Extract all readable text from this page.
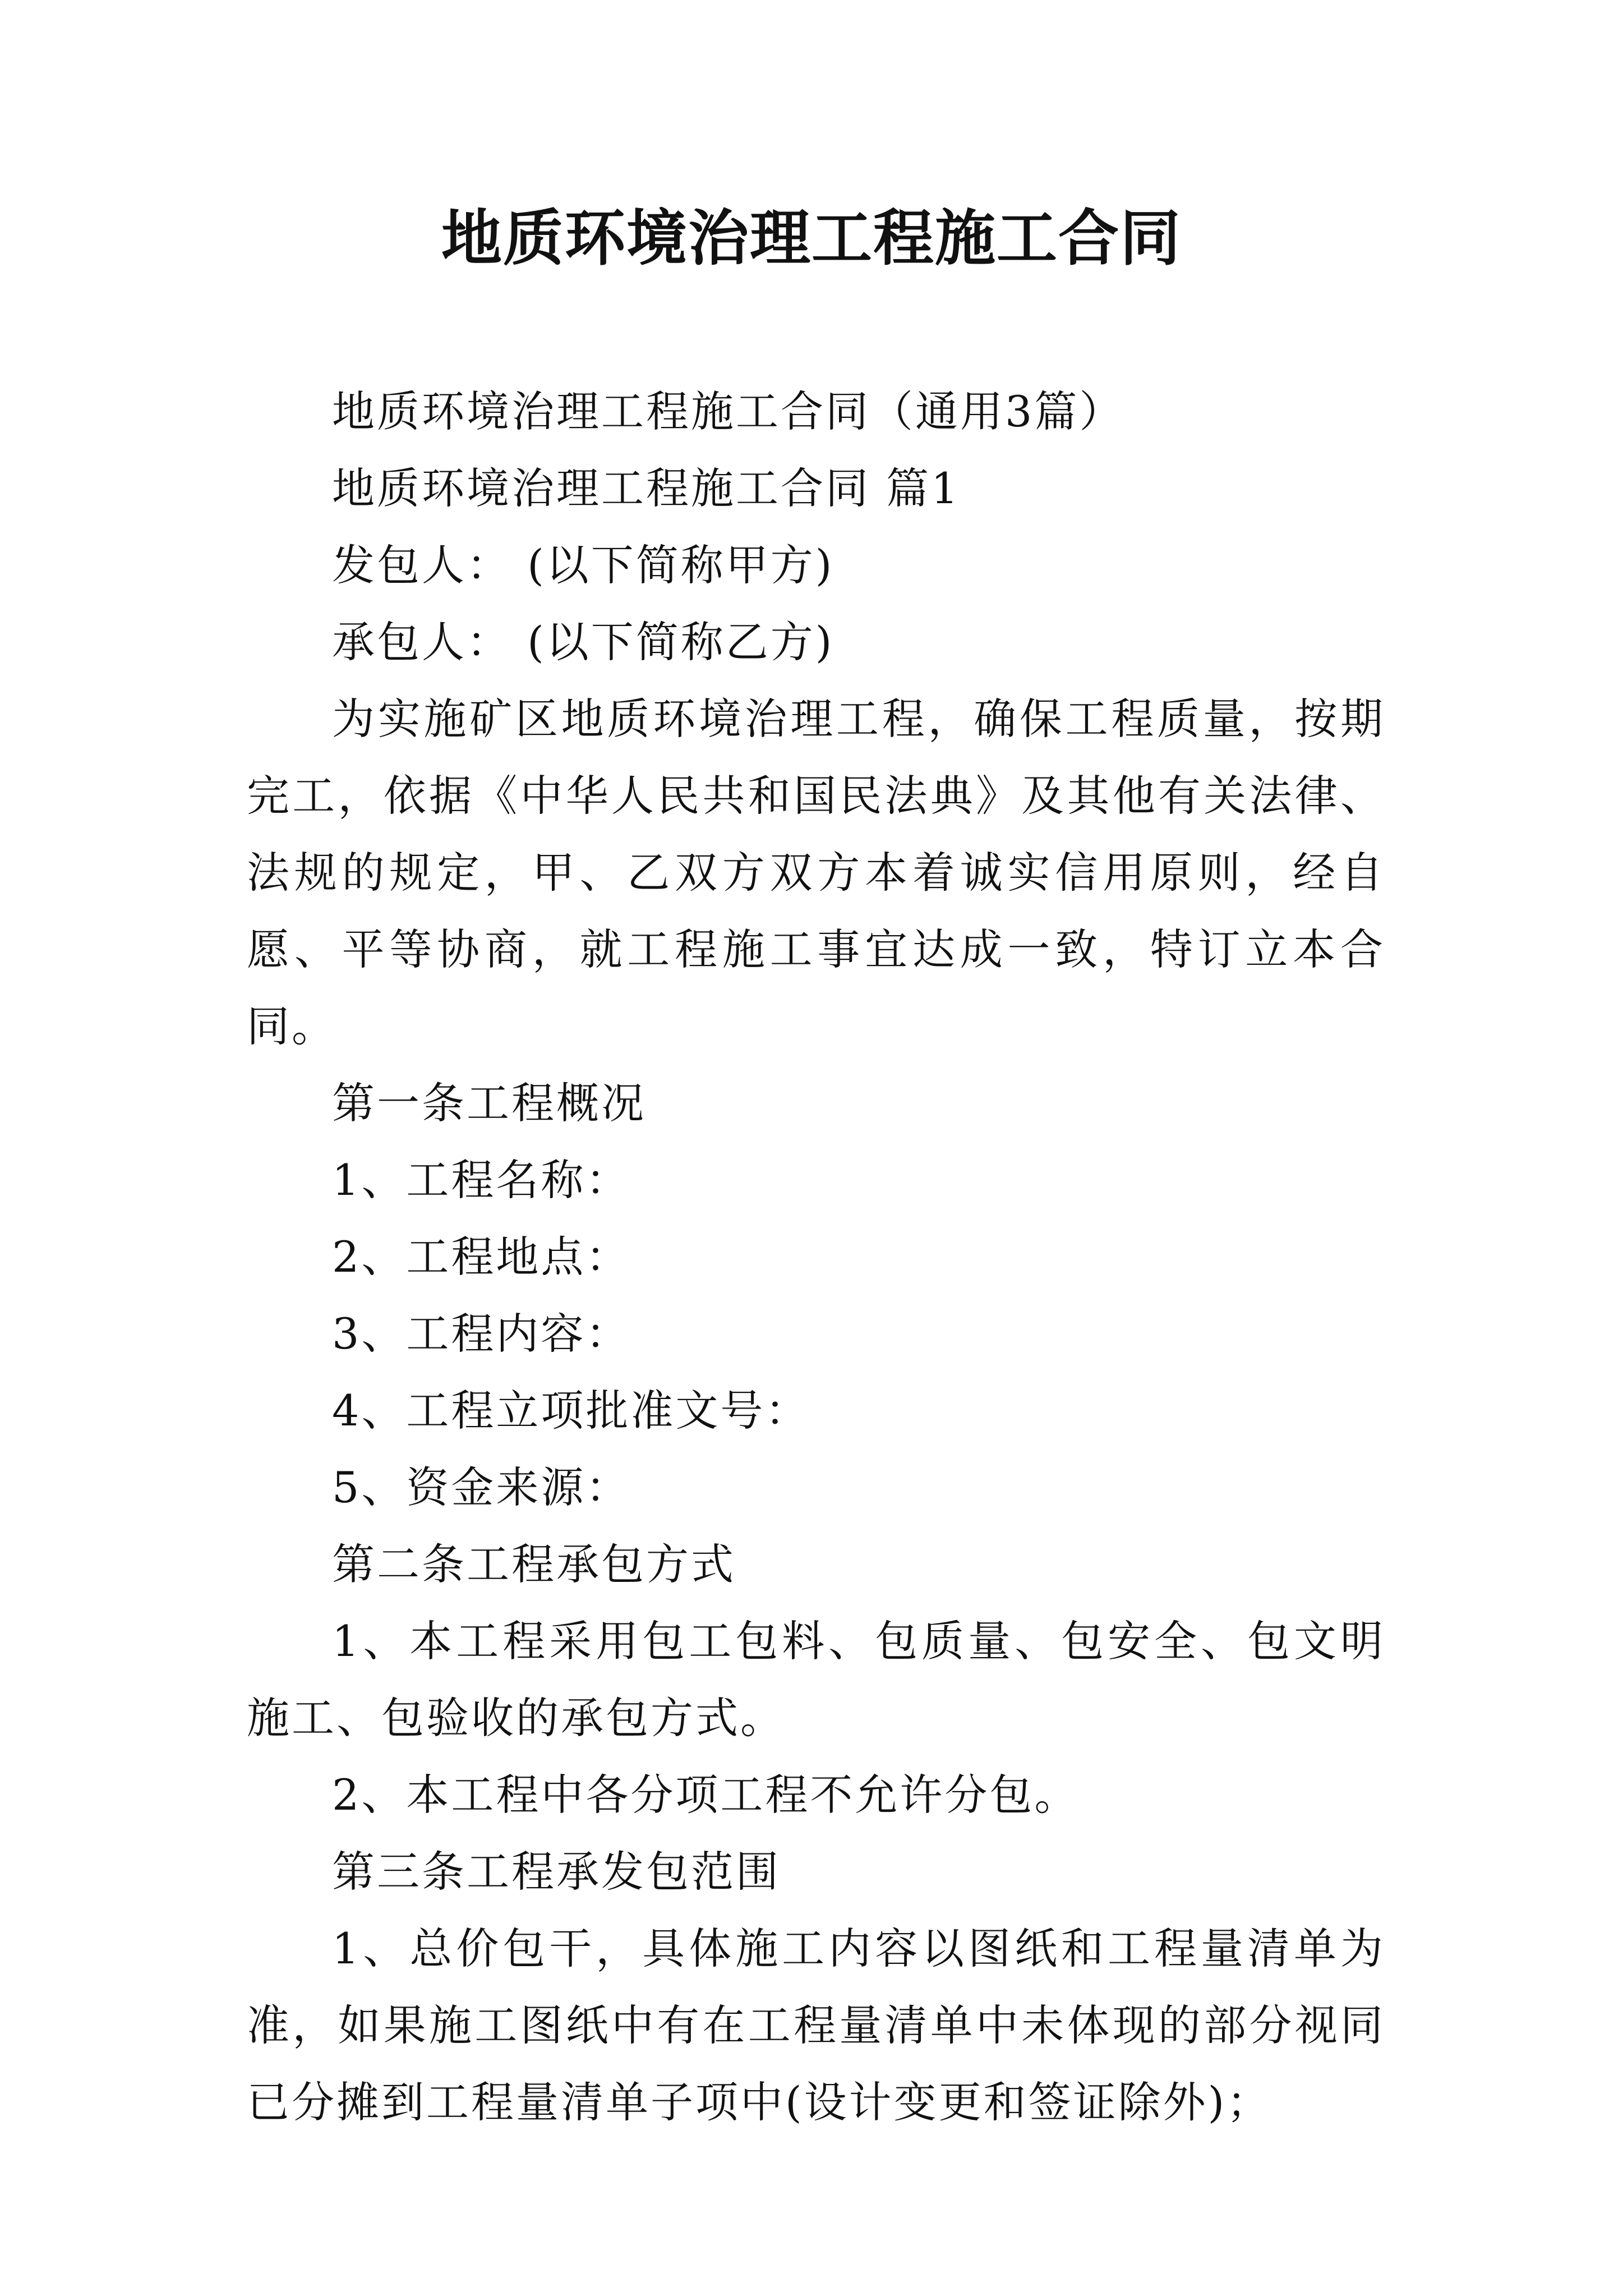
地质环境治理工程施工合同

地质环境治理工程施工合同（通用3篇）

地质环境治理工程施工合同 篇1

发包人： (以下简称甲方)

承包人： (以下简称乙方)

为实施矿区地质环境治理工程，确保工程质量，按期完工，依据《中华人民共和国民法典》及其他有关法律、法规的规定，甲、乙双方双方本着诚实信用原则，经自愿、平等协商，就工程施工事宜达成一致，特订立本合同。

第一条工程概况

1、工程名称：

2、工程地点：

3、工程内容：

4、工程立项批准文号：

5、资金来源：

第二条工程承包方式

1、本工程采用包工包料、包质量、包安全、包文明施工、包验收的承包方式。

2、本工程中各分项工程不允许分包。

第三条工程承发包范围

1、总价包干，具体施工内容以图纸和工程量清单为准，如果施工图纸中有在工程量清单中未体现的部分视同已分摊到工程量清单子项中(设计变更和签证除外)；
